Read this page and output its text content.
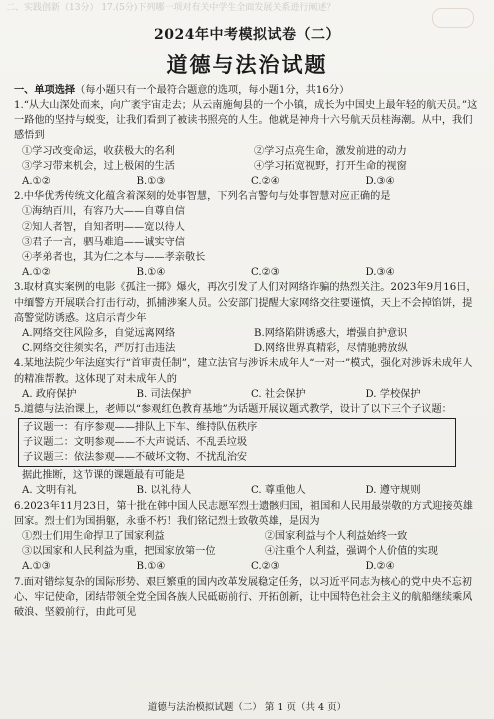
二、实践创新（13分） 17.(5分)下列哪一项对有关中学生全面发展关系进行阐述？
2024年中考模拟试卷（二）
道德与法治试题
一、单项选择（每小题只有一个最符合题意的选项，每小题1分，共16分）
1.“从大山深处而来，向广袤宇宙走去；从云南施甸县的一个小镇，成长为中国史上最年轻的航天员。”这一路他的坚持与蜕变，让我们看到了被读书照亮的人生。他就是神舟十六号航天员桂海潮。从中，我们感悟到
①学习改变命运，收获极大的名利	②学习点亮生命，激发前进的动力
③学习带来机会，过上极闲的生活	④学习拓宽视野，打开生命的视窗
A.①②	B.①③	C.②④	D.③④
2.中华优秀传统文化蕴含着深刻的处事智慧，下列名言警句与处事智慧对应正确的是
①海纳百川，有容乃大——自尊自信
②知人者智，自知者明——宽以待人
③君子一言，驷马难追——诚实守信
④孝弟者也，其为仁之本与——孝亲敬长
A.①②	B.①④	C.②③	D.③④
3.取材真实案例的电影《孤注一掷》爆火，再次引发了人们对网络诈骗的热烈关注。2023年9月16日，中缅警方开展联合打击行动，抓捕涉案人员。公安部门提醒大家网络交往要谨慎，天上不会掉馅饼，提高警觉防诱惑。这启示青少年
A.网络交往风险多，自觉远离网络	B.网络陷阱诱惑大，增强自护意识
C.网络交往须实名，严厉打击违法	D.网络世界真精彩，尽情驰骋放纵
4.某地法院少年法庭实行“首审责任制”，建立法官与涉诉未成年人“一对一”模式，强化对涉诉未成年人的精准帮教。这体现了对未成年人的
A. 政府保护	B. 司法保护	C. 社会保护	D. 学校保护
5.道德与法治课上，老师以“参观红色教育基地”为话题开展议题式教学，设计了以下三个子议题：
子议题一：有序参观——排队上下车、维持队伍秩序
子议题二：文明参观——不大声说话、不乱丢垃圾
子议题三：依法参观——不破坏文物、不扰乱治安
据此推断，这节课的课题最有可能是
A. 文明有礼	B. 以礼待人	C. 尊重他人	D. 遵守规则
6.2023年11月23日，第十批在韩中国人民志愿军烈士遗骸归国，祖国和人民用最崇敬的方式迎接英雄回家。烈士们为国捐躯，永垂不朽！我们铭记烈士致敬英雄，是因为
①烈士们用生命捍卫了国家利益	②国家利益与个人利益始终一致
③以国家和人民利益为重，把国家放第一位	④注重个人利益，强调个人价值的实现
A.①③	B.①④	C.②③	D.②④
7.面对错综复杂的国际形势、艰巨繁重的国内改革发展稳定任务，以习近平同志为核心的党中央不忘初心、牢记使命，团结带领全党全国各族人民砥砺前行、开拓创新，让中国特色社会主义的航船继续乘风破浪、坚毅前行，由此可见
道德与法治模拟试题（二） 第 1 页（共 4 页）
